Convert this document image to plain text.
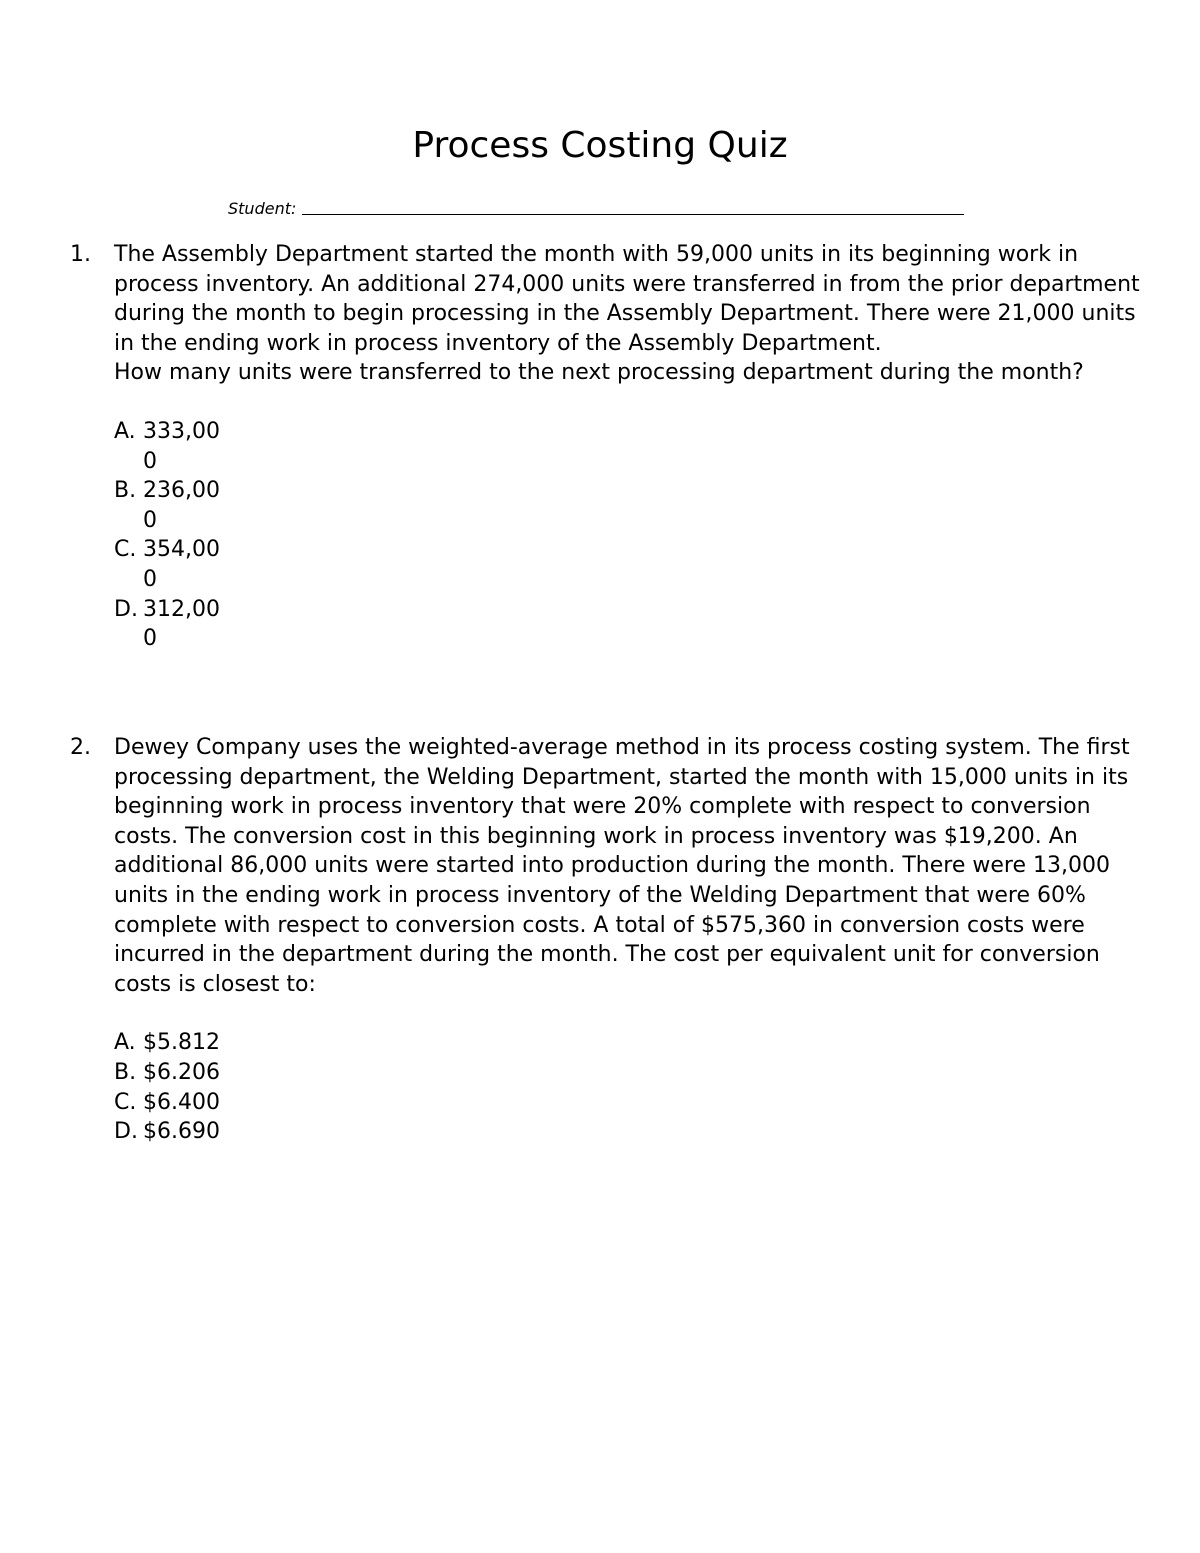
Process Costing Quiz
Student:
1. The Assembly Department started the month with 59,000 units in its beginning work in process inventory. An additional 274,000 units were transferred in from the prior department during the month to begin processing in the Assembly Department. There were 21,000 units in the ending work in process inventory of the Assembly Department.

How many units were transferred to the next processing department during the month?

A. 333,000
B. 236,000
C. 354,000
D. 312,000
2. Dewey Company uses the weighted-average method in its process costing system. The first processing department, the Welding Department, started the month with 15,000 units in its beginning work in process inventory that were 20% complete with respect to conversion costs. The conversion cost in this beginning work in process inventory was $19,200. An additional 86,000 units were started into production during the month. There were 13,000 units in the ending work in process inventory of the Welding Department that were 60% complete with respect to conversion costs. A total of $575,360 in conversion costs were incurred in the department during the month. The cost per equivalent unit for conversion costs is closest to:

A. $5.812
B. $6.206
C. $6.400
D. $6.690
